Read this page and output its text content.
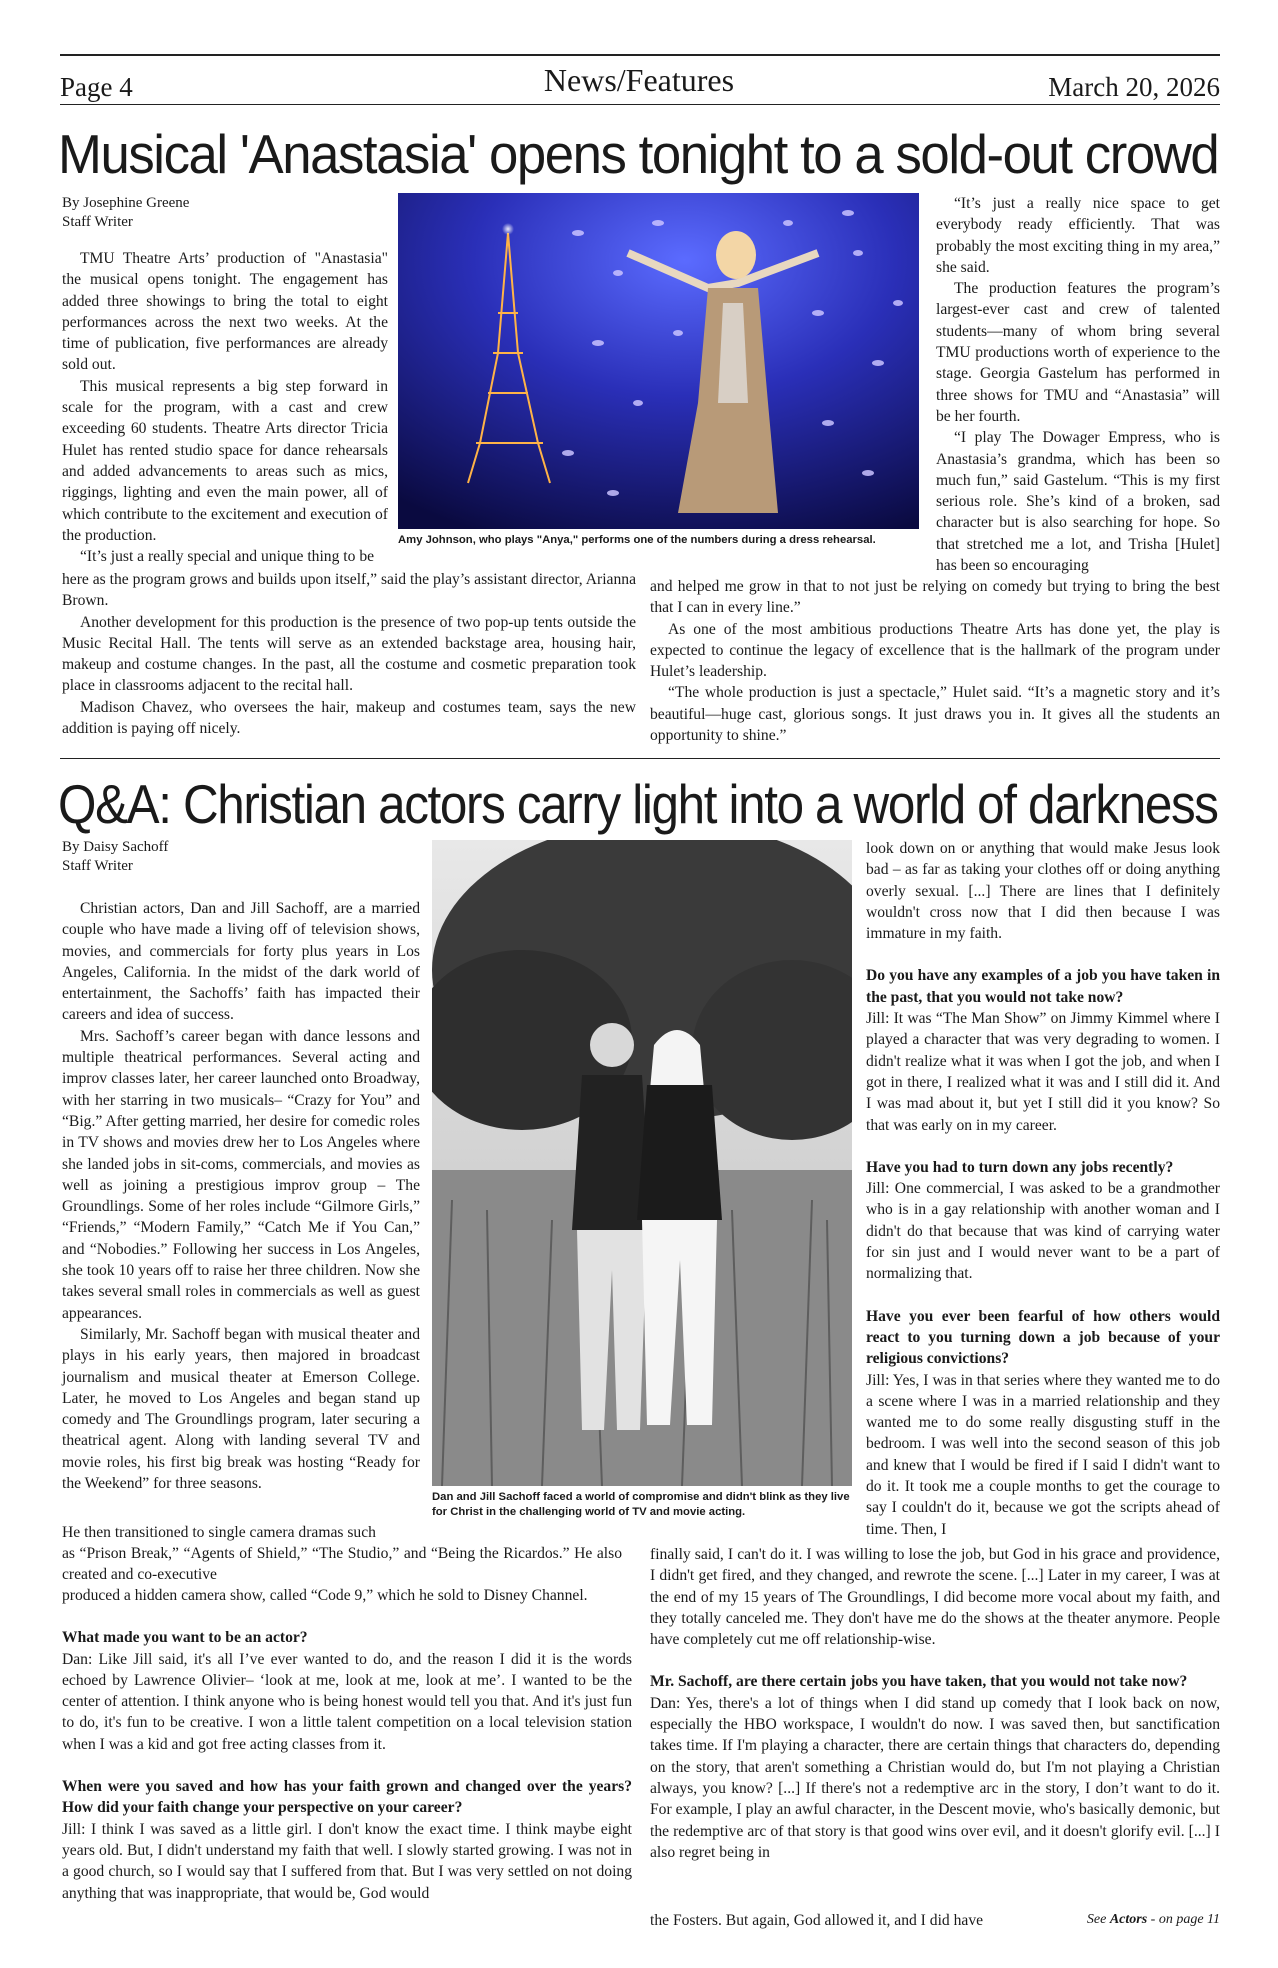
Page 4	News/Features	March 20, 2026
Musical 'Anastasia' opens tonight to a sold-out crowd
By Josephine Greene
Staff Writer

TMU Theatre Arts’ production of "Anastasia" the musical opens tonight. The engagement has added three showings to bring the total to eight performances across the next two weeks. At the time of publication, five performances are already sold out.

This musical represents a big step forward in scale for the program, with a cast and crew exceeding 60 students. Theatre Arts director Tricia Hulet has rented studio space for dance rehearsals and added advancements to areas such as mics, riggings, lighting and even the main power, all of which contribute to the excitement and execution of the production.

“It’s just a really special and unique thing to be

here as the program grows and builds upon itself,” said the play’s assistant director, Arianna Brown.

Another development for this production is the presence of two pop-up tents outside the Music Recital Hall. The tents will serve as an extended backstage area, housing hair, makeup and costume changes. In the past, all the costume and cosmetic preparation took place in classrooms adjacent to the recital hall.

Madison Chavez, who oversees the hair, makeup and costumes team, says the new addition is paying off nicely.

Amy Johnson, who plays "Anya," performs one of the numbers during a dress rehearsal.

“It’s just a really nice space to get everybody ready efficiently. That was probably the most exciting thing in my area,” she said.

The production features the program’s largest-ever cast and crew of talented students—many of whom bring several TMU productions worth of experience to the stage. Georgia Gastelum has performed in three shows for TMU and “Anastasia” will be her fourth.

“I play The Dowager Empress, who is Anastasia’s grandma, which has been so much fun,” said Gastelum. “This is my first serious role. She’s kind of a broken, sad character but is also searching for hope. So that stretched me a lot, and Trisha [Hulet] has been so encouraging

and helped me grow in that to not just be relying on comedy but trying to bring the best that I can in every line.”

As one of the most ambitious productions Theatre Arts has done yet, the play is expected to continue the legacy of excellence that is the hallmark of the program under Hulet’s leadership.

“The whole production is just a spectacle,” Hulet said. “It’s a magnetic story and it’s beautiful—huge cast, glorious songs. It just draws you in. It gives all the students an opportunity to shine.”

Q&A: Christian actors carry light into a world of darkness
By Daisy Sachoff
Staff Writer

Christian actors, Dan and Jill Sachoff, are a married couple who have made a living off of television shows, movies, and commercials for forty plus years in Los Angeles, California. In the midst of the dark world of entertainment, the Sachoffs’ faith has impacted their careers and idea of success.

Mrs. Sachoff’s career began with dance lessons and multiple theatrical performances. Several acting and improv classes later, her career launched onto Broadway, with her starring in two musicals– “Crazy for You” and “Big.” After getting married, her desire for comedic roles in TV shows and movies drew her to Los Angeles where she landed jobs in sit-coms, commercials, and movies as well as joining a prestigious improv group – The Groundlings. Some of her roles include “Gilmore Girls,” “Friends,” “Modern Family,” “Catch Me if You Can,” and “Nobodies.” Following her success in Los Angeles, she took 10 years off to raise her three children. Now she takes several small roles in commercials as well as guest appearances.

Similarly, Mr. Sachoff began with musical theater and plays in his early years, then majored in broadcast journalism and musical theater at Emerson College. Later, he moved to Los Angeles and began stand up comedy and The Groundlings program, later securing a theatrical agent. Along with landing several TV and movie roles, his first big break was hosting “Ready for the Weekend” for three seasons.

He then transitioned to single camera dramas such

as “Prison Break,” “Agents of Shield,” “The Studio,” and “Being the Ricardos.” He also created and co-executive

produced a hidden camera show, called “Code 9,” which he sold to Disney Channel.

What made you want to be an actor?

Dan: Like Jill said, it's all I’ve ever wanted to do, and the reason I did it is the words echoed by Lawrence Olivier– ‘look at me, look at me, look at me’. I wanted to be the center of attention. I think anyone who is being honest would tell you that. And it's just fun to do, it's fun to be creative. I won a little talent competition on a local television station when I was a kid and got free acting classes from it.

When were you saved and how has your faith grown and changed over the years? How did your faith change your perspective on your career?

Jill: I think I was saved as a little girl. I don't know the exact time. I think maybe eight years old. But, I didn't understand my faith that well. I slowly started growing. I was not in a good church, so I would say that I suffered from that. But I was very settled on not doing anything that was inappropriate, that would be, God would

Dan and Jill Sachoff faced a world of compromise and didn't blink as they live for Christ in the challenging world of TV and movie acting.

look down on or anything that would make Jesus look bad – as far as taking your clothes off or doing anything overly sexual. [...] There are lines that I definitely wouldn't cross now that I did then because I was immature in my faith.

Do you have any examples of a job you have taken in the past, that you would not take now?

Jill: It was “The Man Show” on Jimmy Kimmel where I played a character that was very degrading to women. I didn't realize what it was when I got the job, and when I got in there, I realized what it was and I still did it. And I was mad about it, but yet I still did it you know? So that was early on in my career.

Have you had to turn down any jobs recently?

Jill: One commercial, I was asked to be a grandmother who is in a gay relationship with another woman and I didn't do that because that was kind of carrying water for sin just and I would never want to be a part of normalizing that.

Have you ever been fearful of how others would react to you turning down a job because of your religious convictions?

Jill: Yes, I was in that series where they wanted me to do a scene where I was in a married relationship and they wanted me to do some really disgusting stuff in the bedroom. I was well into the second season of this job and knew that I would be fired if I said I didn't want to do it. It took me a couple months to get the courage to say I couldn't do it, because we got the scripts ahead of time. Then, I

finally said, I can't do it. I was willing to lose the job, but God in his grace and providence, I didn't get fired, and they changed, and rewrote the scene. [...] Later in my career, I was at the end of my 15 years of The Groundlings, I did become more vocal about my faith, and they totally canceled me. They don't have me do the shows at the theater anymore. People have completely cut me off relationship-wise.

Mr. Sachoff, are there certain jobs you have taken, that you would not take now?

Dan: Yes, there's a lot of things when I did stand up comedy that I look back on now, especially the HBO workspace, I wouldn't do now. I was saved then, but sanctification takes time. If I'm playing a character, there are certain things that characters do, depending on the story, that aren't something a Christian would do, but I'm not playing a Christian always, you know? [...] If there's not a redemptive arc in the story, I don’t want to do it. For example, I play an awful character, in the Descent movie, who's basically demonic, but the redemptive arc of that story is that good wins over evil, and it doesn't glorify evil. [...] I also regret being in

the Fosters. But again, God allowed it, and I did have	See Actors - on page 11
